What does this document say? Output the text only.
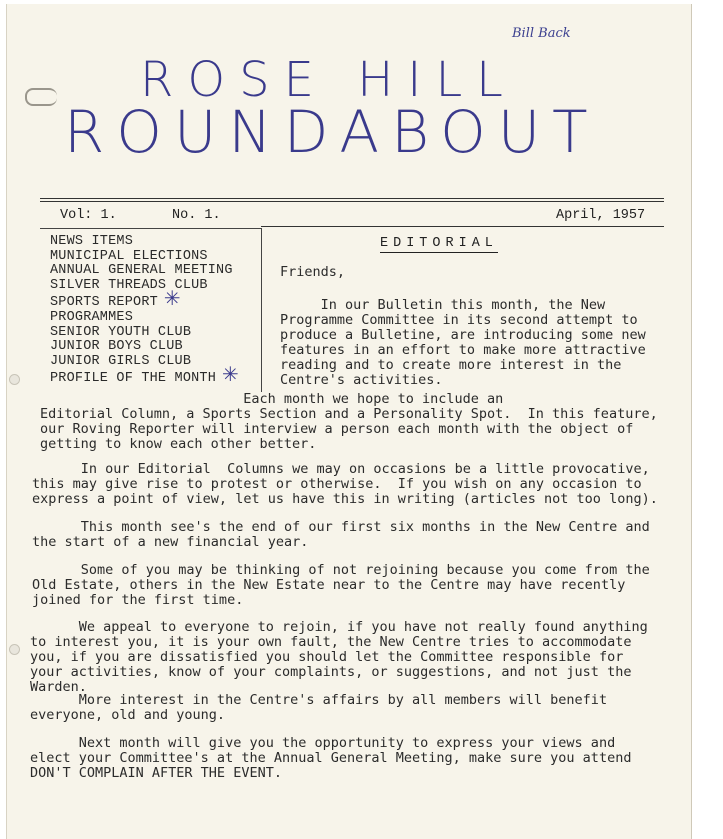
Bill Back
ROSE HILL
ROUNDABOUT
Vol: 1.	No. 1.	April, 1957
NEWS ITEMS
MUNICIPAL ELECTIONS
ANNUAL GENERAL MEETING
SILVER THREADS CLUB
SPORTS REPORT ✳
PROGRAMMES
SENIOR YOUTH CLUB
JUNIOR BOYS CLUB
JUNIOR GIRLS CLUB
PROFILE OF THE MONTH ✳
EDITORIAL
Friends,
In our Bulletin this month, the New
Programme Committee in its second attempt to
produce a Bulletine, are introducing some new
features in an effort to make more attractive
reading and to create more interest in the
Centre's activities.
Each month we hope to include an
Editorial Column, a Sports Section and a Personality Spot.  In this feature,
our Roving Reporter will interview a person each month with the object of
getting to know each other better.
In our Editorial  Columns we may on occasions be a little provocative,
this may give rise to protest or otherwise.  If you wish on any occasion to
express a point of view, let us have this in writing (articles not too long).
This month see's the end of our first six months in the New Centre and
the start of a new financial year.
Some of you may be thinking of not rejoining because you come from the
Old Estate, others in the New Estate near to the Centre may have recently
joined for the first time.
We appeal to everyone to rejoin, if you have not really found anything
to interest you, it is your own fault, the New Centre tries to accommodate
you, if you are dissatisfied you should let the Committee responsible for
your activities, know of your complaints, or suggestions, and not just the
Warden.
More interest in the Centre's affairs by all members will benefit
everyone, old and young.
Next month will give you the opportunity to express your views and
elect your Committee's at the Annual General Meeting, make sure you attend
DON'T COMPLAIN AFTER THE EVENT.
